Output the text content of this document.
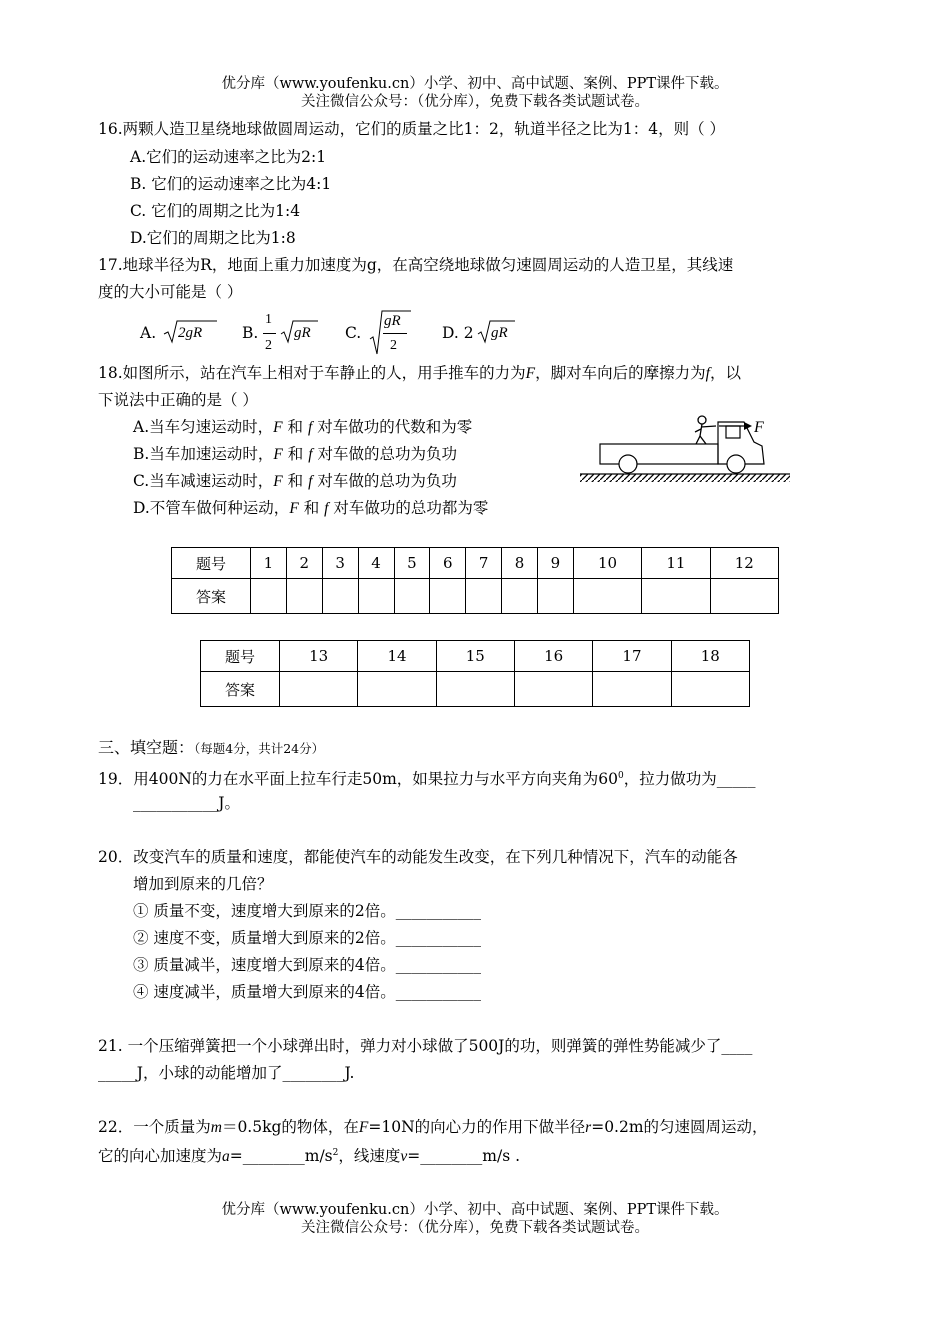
优分库（www.youfenku.cn）小学、初中、高中试题、案例、PPT课件下载。
关注微信公众号：（优分库），免费下载各类试题试卷。
16.两颗人造卫星绕地球做圆周运动，它们的质量之比1：2，轨道半径之比为1：4，则（ ）
A.它们的运动速率之比为2:1
B. 它们的运动速率之比为4:1
C. 它们的周期之比为1:4
D.它们的周期之比为1:8
17.地球半径为R，地面上重力加速度为g，在高空绕地球做匀速圆周运动的人造卫星，其线速
度的大小可能是（ ）
A. 2gR	B.
1
2
gR C.
gR
2
D. 2 gR
18.如图所示，站在汽车上相对于车静止的人，用手推车的力为F，脚对车向后的摩擦力为f，以
下说法中正确的是（ ）
A.当车匀速运动时，F 和 f 对车做功的代数和为零
B.当车加速运动时，F 和 f 对车做的总功为负功
C.当车减速运动时，F 和 f 对车做的总功为负功
D.不管车做何种运动，F 和 f 对车做功的总功都为零
F
题号	1	2	3	4	5	6	7	8	9	10	11	12
答案												
题号	13	14	15	16	17	18
答案						
三、填空题：（每题4分，共计24分）
19．用400N的力在水平面上拉车行走50m，如果拉力与水平方向夹角为$60^0$，拉力做功为_____
___________J。
20．改变汽车的质量和速度，都能使汽车的动能发生改变，在下列几种情况下，汽车的动能各
增加到原来的几倍？
① 质量不变，速度增大到原来的2倍。___________
② 速度不变，质量增大到原来的2倍。___________
③ 质量减半，速度增大到原来的4倍。___________
④ 速度减半，质量增大到原来的4倍。___________
21. 一个压缩弹簧把一个小球弹出时，弹力对小球做了500J的功，则弹簧的弹性势能减少了____
_____J，小球的动能增加了________J.
22．一个质量为m＝0.5kg的物体，在F=10N的向心力的作用下做半径r=0.2m的匀速圆周运动，
它的向心加速度为$a=\_\_\_\_\_\_\_\_m/s^2$，线速度v=________m/s .
优分库（www.youfenku.cn）小学、初中、高中试题、案例、PPT课件下载。
关注微信公众号：（优分库），免费下载各类试题试卷。
